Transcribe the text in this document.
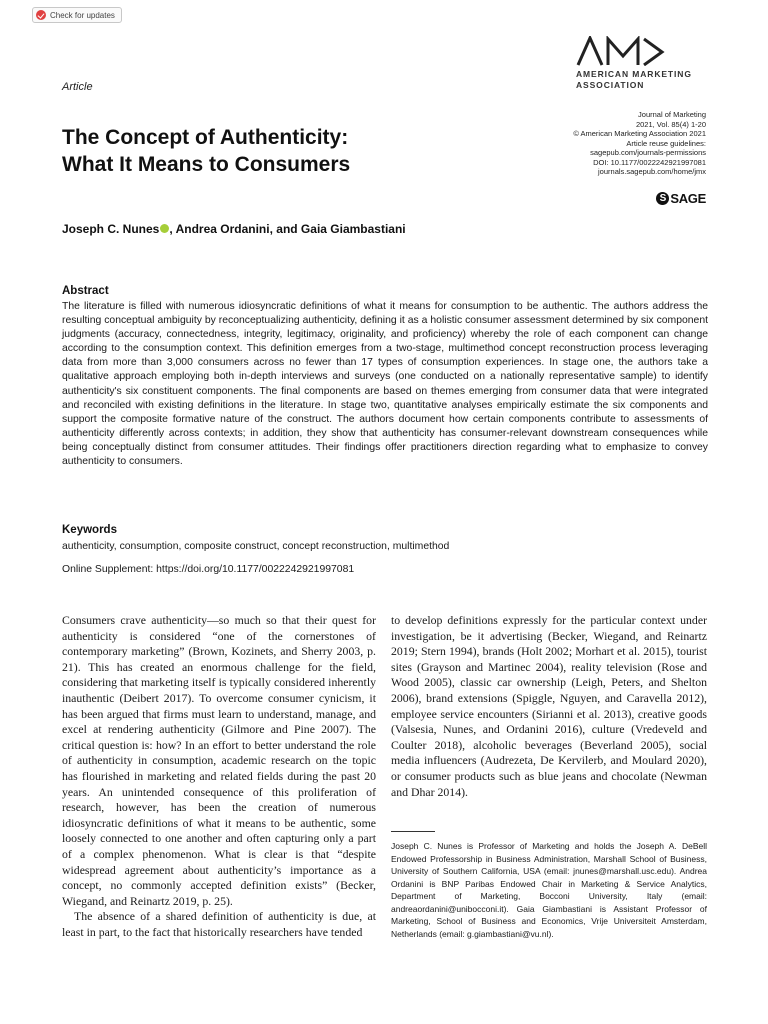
Check for updates
AMERICAN MARKETING
ASSOCIATION
Article
The Concept of Authenticity:
What It Means to Consumers
Journal of Marketing
2021, Vol. 85(4) 1-20
© American Marketing Association 2021
Article reuse guidelines:
sagepub.com/journals-permissions
DOI: 10.1177/0022242921997081
journals.sagepub.com/home/jmx
S SAGE
Joseph C. Nunes , Andrea Ordanini, and Gaia Giambastiani
Abstract

The literature is filled with numerous idiosyncratic definitions of what it means for consumption to be authentic. The authors address the resulting conceptual ambiguity by reconceptualizing authenticity, defining it as a holistic consumer assessment determined by six component judgments (accuracy, connectedness, integrity, legitimacy, originality, and proficiency) whereby the role of each component can change according to the consumption context. This definition emerges from a two-stage, multimethod concept reconstruction process leveraging data from more than 3,000 consumers across no fewer than 17 types of consumption experiences. In stage one, the authors take a qualitative approach employing both in-depth interviews and surveys (one conducted on a nationally representative sample) to identify authenticity's six constituent components. The final components are based on themes emerging from consumer data that were integrated and reconciled with existing definitions in the literature. In stage two, quantitative analyses empirically estimate the six components and support the composite formative nature of the construct. The authors document how certain components contribute to assessments of authenticity differently across contexts; in addition, they show that authenticity has consumer-relevant downstream consequences while being conceptually distinct from consumer attitudes. Their findings offer practitioners direction regarding what to emphasize to convey authenticity to consumers.

Keywords
authenticity, consumption, composite construct, concept reconstruction, multimethod
Online Supplement: https://doi.org/10.1177/0022242921997081

Consumers crave authenticity—so much so that their quest for authenticity is considered “one of the cornerstones of contemporary marketing” (Brown, Kozinets, and Sherry 2003, p. 21). This has created an enormous challenge for the field, considering that marketing itself is typically considered inherently inauthentic (Deibert 2017). To overcome consumer cynicism, it has been argued that firms must learn to understand, manage, and excel at rendering authenticity (Gilmore and Pine 2007). The critical question is: how? In an effort to better understand the role of authenticity in consumption, academic research on the topic has flourished in marketing and related fields during the past 20 years. An unintended consequence of this proliferation of research, however, has been the creation of numerous idiosyncratic definitions of what it means to be authentic, some loosely connected to one another and often capturing only a part of a complex phenomenon. What is clear is that “despite widespread agreement about authenticity’s importance as a concept, no commonly accepted definition exists” (Becker, Wiegand, and Reinartz 2019, p. 25).

The absence of a shared definition of authenticity is due, at least in part, to the fact that historically researchers have tended

to develop definitions expressly for the particular context under investigation, be it advertising (Becker, Wiegand, and Reinartz 2019; Stern 1994), brands (Holt 2002; Morhart et al. 2015), tourist sites (Grayson and Martinec 2004), reality television (Rose and Wood 2005), classic car ownership (Leigh, Peters, and Shelton 2006), brand extensions (Spiggle, Nguyen, and Caravella 2012), employee service encounters (Sirianni et al. 2013), creative goods (Valsesia, Nunes, and Ordanini 2016), culture (Vredeveld and Coulter 2018), alcoholic beverages (Beverland 2005), social media influencers (Audrezeta, De Kervilerb, and Moulard 2020), or consumer products such as blue jeans and chocolate (Newman and Dhar 2014).

Joseph C. Nunes is Professor of Marketing and holds the Joseph A. DeBell Endowed Professorship in Business Administration, Marshall School of Business, University of Southern California, USA (email: jnunes@marshall.usc.edu). Andrea Ordanini is BNP Paribas Endowed Chair in Marketing & Service Analytics, Department of Marketing, Bocconi University, Italy (email: andreaordanini@unibocconi.it). Gaia Giambastiani is Assistant Professor of Marketing, School of Business and Economics, Vrije Universiteit Amsterdam, Netherlands (email: g.giambastiani@vu.nl).
